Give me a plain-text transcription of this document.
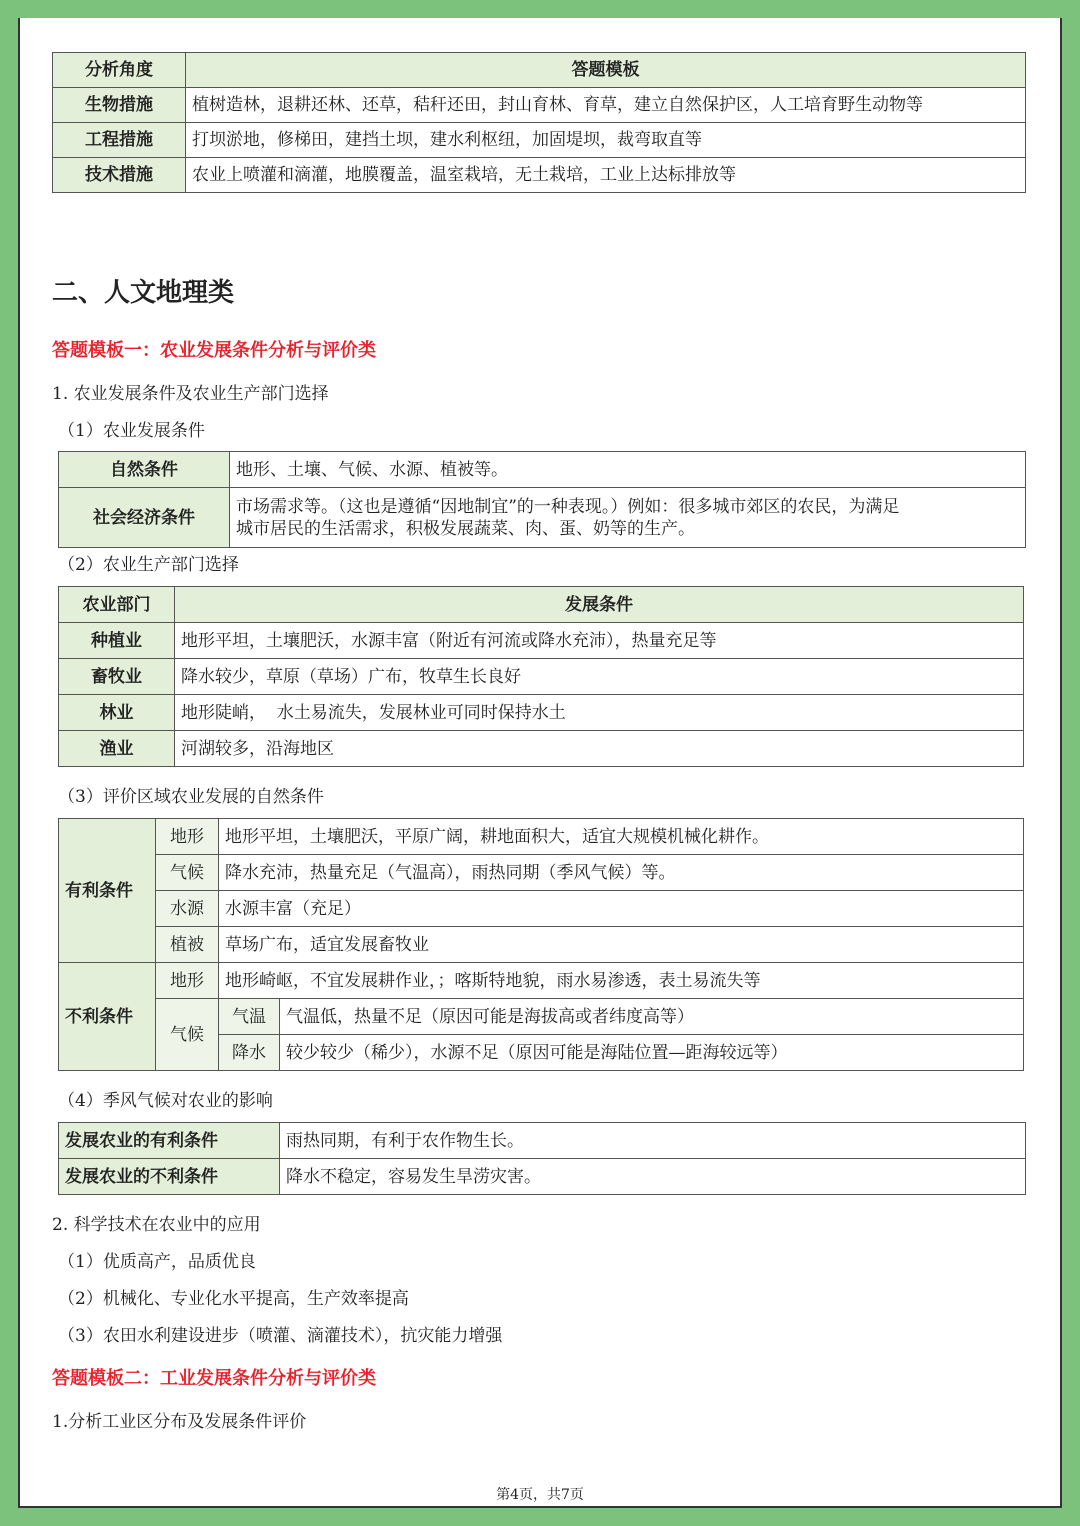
分析角度	答题模板
生物措施	植树造林，退耕还林、还草，秸秆还田，封山育林、育草，建立自然保护区，人工培育野生动物等
工程措施	打坝淤地，修梯田，建挡土坝，建水利枢纽，加固堤坝，裁弯取直等
技术措施	农业上喷灌和滴灌，地膜覆盖，温室栽培，无土栽培，工业上达标排放等
二、人文地理类
答题模板一：农业发展条件分析与评价类
1. 农业发展条件及农业生产部门选择
（1）农业发展条件
自然条件	地形、土壤、气候、水源、植被等。
社会经济条件	市场需求等。（这也是遵循“因地制宜”的一种表现。）例如：很多城市郊区的农民，为满足
城市居民的生活需求，积极发展蔬菜、肉、蛋、奶等的生产。
（2）农业生产部门选择
农业部门	发展条件
种植业	地形平坦，土壤肥沃，水源丰富（附近有河流或降水充沛），热量充足等
畜牧业	降水较少，草原（草场）广布，牧草生长良好
林业	地形陡峭，  水土易流失，发展林业可同时保持水土
渔业	河湖较多，沿海地区
（3）评价区域农业发展的自然条件
有利条件	地形	地形平坦，土壤肥沃，平原广阔，耕地面积大，适宜大规模机械化耕作。	
	气候	降水充沛，热量充足（气温高），雨热同期（季风气候）等。	
	水源	水源丰富（充足）	
	植被	草场广布，适宜发展畜牧业	
不利条件	地形	地形崎岖，不宜发展耕作业，；喀斯特地貌，雨水易渗透，表土易流失等	
	气候	气温	气温低，热量不足（原因可能是海拔高或者纬度高等）
		降水	较少较少（稀少），水源不足（原因可能是海陆位置—距海较远等）
（4）季风气候对农业的影响
发展农业的有利条件	雨热同期，有利于农作物生长。
发展农业的不利条件	降水不稳定，容易发生旱涝灾害。
2. 科学技术在农业中的应用
（1）优质高产，品质优良
（2）机械化、专业化水平提高，生产效率提高
（3）农田水利建设进步（喷灌、滴灌技术），抗灾能力增强
答题模板二：工业发展条件分析与评价类
1.分析工业区分布及发展条件评价
第4页，共7页
